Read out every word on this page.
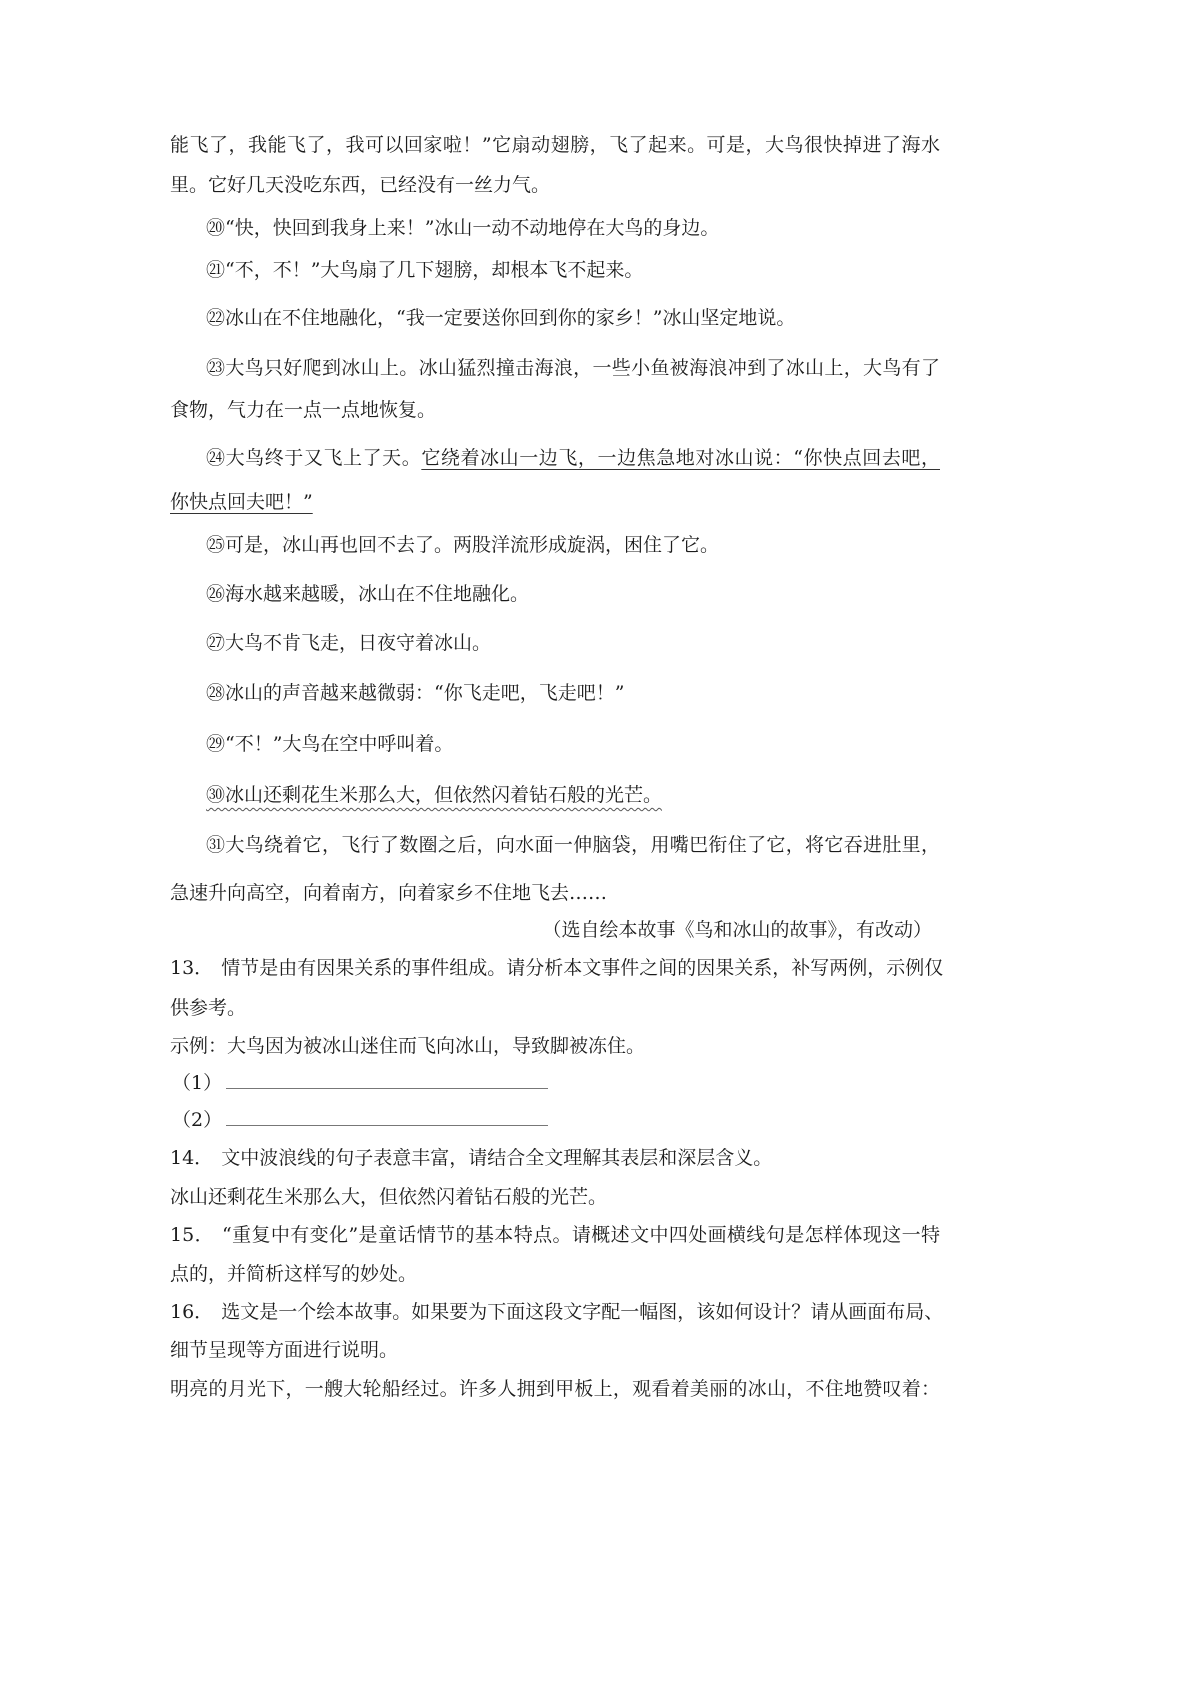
能飞了，我能飞了，我可以回家啦！”它扇动翅膀，飞了起来。可是，大鸟很快掉进了海水
里。它好几天没吃东西，已经没有一丝力气。
⑳“快，快回到我身上来！”冰山一动不动地停在大鸟的身边。
㉑“不，不！”大鸟扇了几下翅膀，却根本飞不起来。
㉒冰山在不住地融化，“我一定要送你回到你的家乡！”冰山坚定地说。
㉓大鸟只好爬到冰山上。冰山猛烈撞击海浪，一些小鱼被海浪冲到了冰山上，大鸟有了
食物，气力在一点一点地恢复。
㉔大鸟终于又飞上了天。它绕着冰山一边飞，一边焦急地对冰山说：“你快点回去吧，
你快点回夫吧！”
㉕可是，冰山再也回不去了。两股洋流形成旋涡，困住了它。
㉖海水越来越暖，冰山在不住地融化。
㉗大鸟不肯飞走，日夜守着冰山。
㉘冰山的声音越来越微弱：“你飞走吧，飞走吧！”
㉙“不！”大鸟在空中呼叫着。
㉚冰山还剩花生米那么大，但依然闪着钻石般的光芒。
㉛大鸟绕着它，飞行了数圈之后，向水面一伸脑袋，用嘴巴衔住了它，将它吞进肚里，
急速升向高空，向着南方，向着家乡不住地飞去……
（选自绘本故事《鸟和冰山的故事》，有改动）
13． 情节是由有因果关系的事件组成。请分析本文事件之间的因果关系，补写两例，示例仅
供参考。
示例：大鸟因为被冰山迷住而飞向冰山，导致脚被冻住。
（1）
（2）
14． 文中波浪线的句子表意丰富，请结合全文理解其表层和深层含义。
冰山还剩花生米那么大，但依然闪着钻石般的光芒。
15． “重复中有变化”是童话情节的基本特点。请概述文中四处画横线句是怎样体现这一特
点的，并简析这样写的妙处。
16． 选文是一个绘本故事。如果要为下面这段文字配一幅图，该如何设计？请从画面布局、
细节呈现等方面进行说明。
明亮的月光下，一艘大轮船经过。许多人拥到甲板上，观看着美丽的冰山，不住地赞叹着：
